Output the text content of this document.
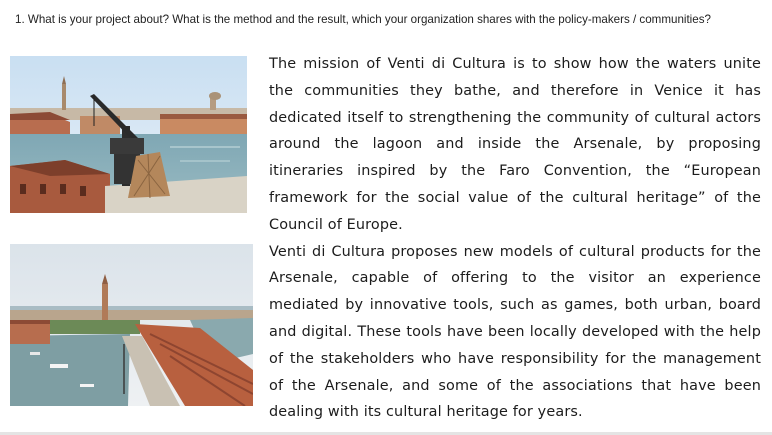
1. What is your project about? What is the method and the result, which your organization shares with the policy-makers / communities?

The mission of Venti di Cultura is to show how the waters unite the communities they bathe, and therefore in Venice it has dedicated itself to strengthening the community of cultural actors around the lagoon and inside the Arsenale, by proposing itineraries inspired by the Faro Convention, the “European framework for the social value of the cultural heritage” of the Council of Europe.

Venti di Cultura proposes new models of cultural products for the Arsenale, capable of offering to the visitor an experience mediated by innovative tools, such as games, both urban, board and digital. These tools have been locally developed with the help of the stakeholders who have responsibility for the management of the Arsenale, and some of the associations that have been dealing with its cultural heritage for years.
